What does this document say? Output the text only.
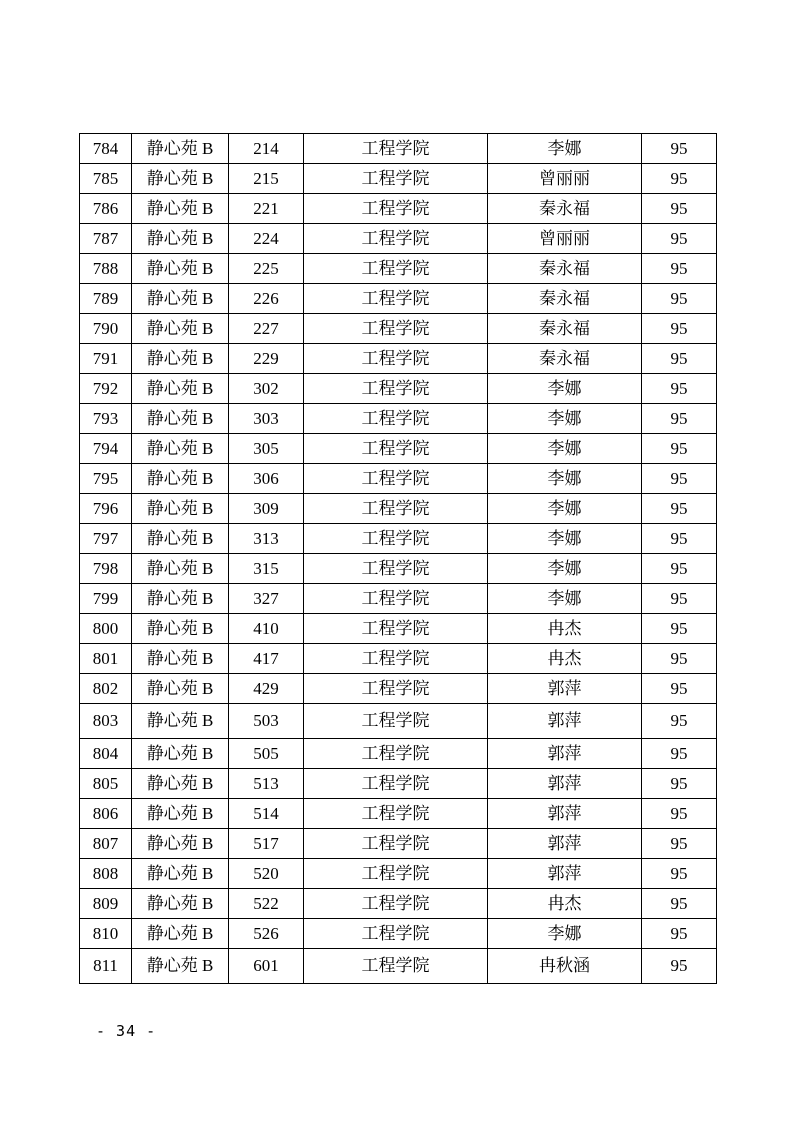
784	静心苑 B	214	工程学院	李娜	95
785	静心苑 B	215	工程学院	曾丽丽	95
786	静心苑 B	221	工程学院	秦永福	95
787	静心苑 B	224	工程学院	曾丽丽	95
788	静心苑 B	225	工程学院	秦永福	95
789	静心苑 B	226	工程学院	秦永福	95
790	静心苑 B	227	工程学院	秦永福	95
791	静心苑 B	229	工程学院	秦永福	95
792	静心苑 B	302	工程学院	李娜	95
793	静心苑 B	303	工程学院	李娜	95
794	静心苑 B	305	工程学院	李娜	95
795	静心苑 B	306	工程学院	李娜	95
796	静心苑 B	309	工程学院	李娜	95
797	静心苑 B	313	工程学院	李娜	95
798	静心苑 B	315	工程学院	李娜	95
799	静心苑 B	327	工程学院	李娜	95
800	静心苑 B	410	工程学院	冉杰	95
801	静心苑 B	417	工程学院	冉杰	95
802	静心苑 B	429	工程学院	郭萍	95
803	静心苑 B	503	工程学院	郭萍	95
804	静心苑 B	505	工程学院	郭萍	95
805	静心苑 B	513	工程学院	郭萍	95
806	静心苑 B	514	工程学院	郭萍	95
807	静心苑 B	517	工程学院	郭萍	95
808	静心苑 B	520	工程学院	郭萍	95
809	静心苑 B	522	工程学院	冉杰	95
810	静心苑 B	526	工程学院	李娜	95
811	静心苑 B	601	工程学院	冉秋涵	95
- 34 -
